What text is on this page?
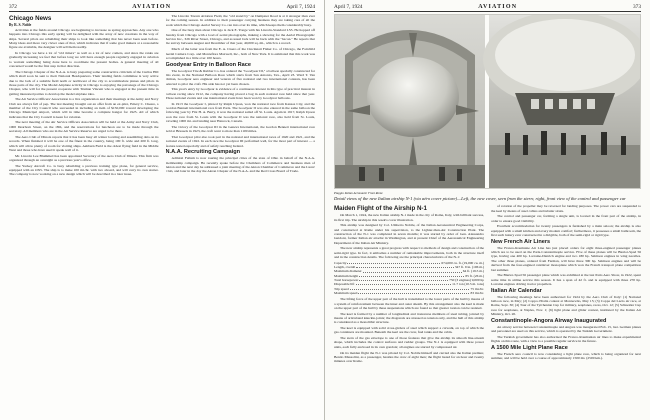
372	AVIATION	April 7, 1924
Chicago News
By R. S. Noble

Activities at the fields around Chicago are beginning to increase as spring approaches. Any one who happens into Chicago this early spring will be delighted with the array of new creations in the way of ships. Several pilots are rebuilding their ships to look like something that has never been seen before. Many ideas and more very clever ones of that, which indicates that if some good makers at a reasonable figure are available, the designer will sell them readily.

In Chicago we have a lot of "old timers" as well as a lot of new comers, and since the ranks are gradually increasing we feel that before long we will have enough people regularly engaged in aviation to warrant something being done here to coordinate the present bodies. A general meeting of all concerned would be the first step in that direction.

The Chicago Chapter of the N.A.A. is busy preparing some constructive criticism of the Curtiss Hill which shall soon be sent to their National Headquarters. Their landing fields committee is very active due to the lack of a suitable field north or northwest of the city to accommodate planes and pilots in those parts of the city. The Model Airplane activity in Chicago is enjoying the patronage of the Chicago Chapter, who will for the present cooperate with Truman Vincent who is engaged at the present time in getting interested parties to develop the model airplane idea.

The Air Service Officers' Association is a live organization and their meetings at the Army and Navy Club are always full of pep. The last meeting brought out an offer from an ex-pilot, Emery C. Cheere, a member of the City Council who succeeded in including an item of $150,000 toward developing the Chicago Municipal Airport, which will in time become a complete hangar for 1925. All of which indicates that the City Council is keen for aviation.

The next meeting of the Air Service Officers Association will be held at the Army and Navy Club, 1000 Dearborn Street, on the 18th, and the reservations for luncheon are to be made through the secretary. All members who are in the Air Service Reserve are urged to be there.

The Aero Club of Illinois reports that it has been busy all winter locating and assembling data on its records. When finished it will be one of the finest in the country, being 100 ft. wide and 200 ft. long, which will allow plenty of room for visiting ships. Ashburn Field is the oldest flying field in the Middle West and those who have used it speak well of it.

Mr. Lincoln Lee Blummed has been appointed Secretary of the Aero Club of Illinois. This firm was organized through an oversight as a previous year's office.

The Yackey Aircraft Co. is busy rebuilding a previous training type plane, for general service, equipped with an OX5. The ship is to make 100 mi./hr. with two aboard, and will carry its own starter. The company is now working on a new design which will be described in a later issue.

The Lincoln Tavern Aviation Field, the "old stand by" on Dempster Road is at it stronger than ever for the coming season. In addition to their passenger carrying business they are taking care of all the work which the Chicago Aerial Survey Co. ran into over its time, which keeps them considerably busy.

One of the busy men about Chicago is Jack E. Yonge with his Lincoln-Standard LS5. He hopped off Sunday from Chicago with a load of aerial photographs, making a showing for the Aerial Photographic Service Inc., 326 River Street, Chicago, and as usual Jack will be back with the "bacon." He reports that the survey between August and December of that year, 40,000 sq. mi., which is a record.

Much of the latter was from the E. A. Cisero of the Cincinnati Fisher Co. of Chicago, the Fairchild Aerial Camera Corp. and Monteflore Maxwell, Inc., both of New York. It is estimated that this work was accomplished in a little over 100 hours.

Goodyear Entry in Balloon Race

The Goodyear Tire & Rubber Co. has ordered the "Goodyear III," a balloon specially constructed for this event, in the National Balloon Race which starts from San Antonio, Tex., April 23. Ward T. Van Orman, Goodyear aero engineer and veteran of five national and two international contests, has been selected to pilot the craft. His aide has not yet been chosen.

This year's entry by Goodyear is evidence of a continuous interest in this type of practical interest in balloon racing since 1912, the company having placed a bag in each national race held since that year. Three national events and one international event have been won by Goodyear balloons.

In 1913 the Goodyear I, piloted by Ralph Upson, won the national race from Kansas City, and the Gordon Bennett international race from Paris. The Goodyear II was also entered in the same balloon the following year by Fitz H. A. Berry, it won the national sailed off St. Louis. Again in 1917, Ralph Upson won the race from St. Louis with the Goodyear II was the national race, also held from St. Louis, traveling 1000 mi. and landing near Hancock, Canada.

The victory of the Goodyear III in the Geneva International, the Gordon Bennett international race held at Brussels in 1923, the craft went to more than 1100 miles.

That Goodyear pilot also took part in the national and international races of 1920 and 1921, and the national events of 1922. In each race the Goodyear III performed well, for the most part of interest — a feature tested especially and of safely reaching Ireland.

N.A.A. Recruiting Campaign

Admiral Fullam is now touring the principal cities of the state of Ohio in behalf of the N.A.A. membership campaign. He recently spoke before the Chambers of Commerce and business men of Akron and the next day he addressed a joint meeting of the Akron Chamber of Commerce and the Lions' Club, and later in the day the Akron Chapter of the N.A.A. and the Red Cross Board of Trade.

April 7, 1924	AVIATION	373
Piaggio Italian Aeronautic Front Rome
Detail views of the new Italian airship N-1 (via aéro cover picture)—Left, the new cover, seen from the stern; right, front view of the control and passenger car
Maiden Flight of the Airship N-1

On March 1, 1924, the new Italian airship N-1 made in the city of Rome, Italy, with brilliant success, its first trip. The airship in this week's cover illustration.

This airship was designed by Col. Umberto Nobile, of the Italian Aeronautical Engineering Corps, and constructed at Rome under his supervision, to the Lighter-than-Air Construction Plant. The construction of the N-1 was completed in seven months; it was started by order of Gen. Alessandro Guidoni, former Italian air attaché in Washington, and at present Chief of the Aeronautical Engineering Department of the Italian Air Ministry.

The new airship represents a great progress with respect to methods of design and construction of the semi-rigid type. In fact, it embodies a number of remarkable improvements, both in the structure itself and in the construction details. The following are the principal characteristics of the N-1:

Capacity	674,000 cu. ft. (19,000 cu. m.)
Length, overall	347 ft. 9 in. (106 m.)
Maximum diameter	64 ft. (19.5 m.)
Maximum height	85 ft. (26 m.)
Total horsepower	750 (3 engines) 9,000 hp
Disposable lift	11.7 ton (10.5 m. tons)
Trip speed	75 mi./hr.
Maximum speed	83 mi./hr.

The lifting force of the upper part of the hull is transmitted to the lower parts of the hull by means of a system of reinforcement between the inner and outer sheath. By this arrangement also the keel is made on the upper part of the hull by these suspensions which are found so that greater torsion can be resisted.

The keel is formed by a number of longitudinal and transverse members of steel tubing, jointed by means of articulated knuckle-joints; the diagonals are stressed as tension only, and the hull of this airship is considered as a monolithic structure.

The keel is equipped with solid cross-girders of steel which support a catwalk, on top of which the gas containers are mounted. Beneath the keel are the crew, fuel tanks and the cabin.

The stern of the gas envelope is one of those features that give the airship its smooth line-stream shape, which includes the control surfaces and rudder groups. The N-1 is equipped with three power units, each fully enclosed in its own gondola; all engines are started by compressed air.

On its maiden flight the N-1 was piloted by Col. Nobile himself and carried also the Italian premier, Benito Mussolini, as a passenger, besides the crew of eight men; the flight lasted for an hour and twenty minutes over Rome.

of rotation of the propeller may be reversed for landing purposes. The power cars are suspended to the keel by means of steel cables and tubular struts.

The control and passenger car, forming a single unit, is located in the front part of the airship, in order to ensure good visibility.

Excellent accommodation for twenty passengers is furnished by a main saloon; the airship is also equipped with a small kitchen and every modern comfort; furthermore, it possesses a small bathroom, the first such luxury ever constructed in a dirigible, both of the semi-rigid or rigid type.

New French Air Liners

The Franco-Roumaine Air Line has just placed orders for eight three-engined passenger planes which are to be used on the Paris-Constantinople service. Five of these planes will be Bleriot-Spad 56 type, having one 400 hp. Lorraine-Dietrich engine and two 180 hp. Salmson engines in wing nacelles. The other three planes, ordered from Farman, will have three 300 hp. Salmson engines and will be derived from the four-engined cantilever monoplane which won the French transport plane competition last summer.

The Bleriot-Spad 56 passenger plane which was exhibited at the last Paris Aero Show, in 1922, spent some time in airline service this season. It has a span of 42 ft. and is equipped with three 270 hp. Lorraine engines driving tractor propellers.

Italian Air Calendar

The following meetings have been authorized for 1924 by the Aero Club of Italy: (1) National balloon race, in May; (2) Coppa d'Italia contest at Montecelio, May 15; (3) Coppa del Lazio air race, at Rome, Sept. 30; (4) Tour of the Tyrrhenian Cup for military, seaplanes, races, Oct. 12; (5) Schneider Cup race for seaplanes, at Naples, Nov. 1; (6) light plane and glider contest, instituted by the Italian Air Ministry, Oct. 20.

Constantinople-Angora Airway Inaugurated

An airway service between Constantinople and Angora was inaugurated Feb. 15, last. German planes and personnel are used on this service, which is operated by the Turkish Government.

The Turkish government has also authorized the Franco-Roumanian air lines to make experimental flights on this route, with a view to a possible regular service in the future.

A 1500 Mile Light Plane Race

The French aero council is now considering a light plane race, which is being organized for next summer, and will be held over a course of approximately 1500 mi. (2500 km.).
